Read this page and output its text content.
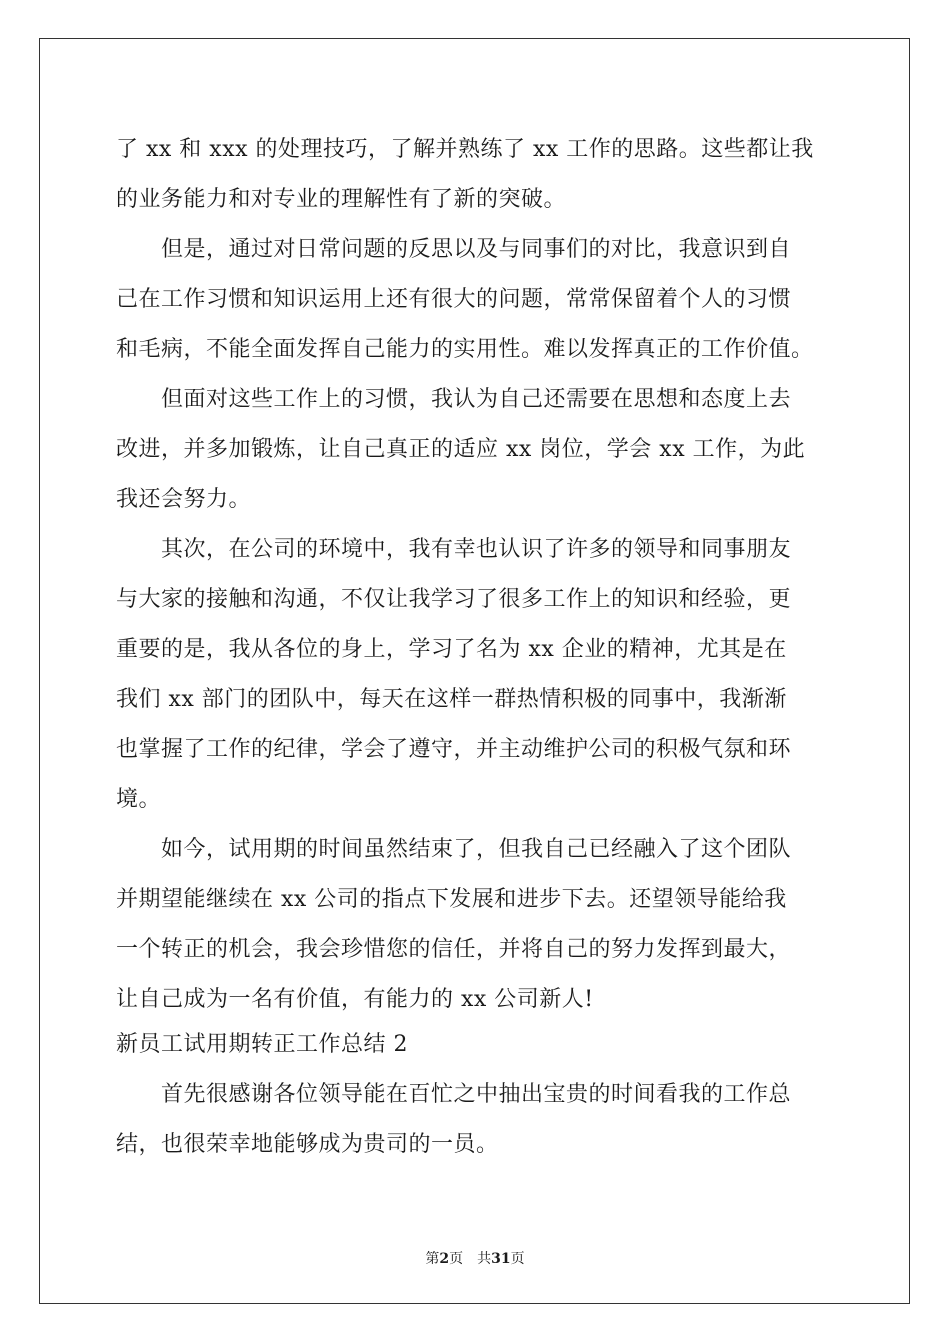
了 xx 和 xxx 的处理技巧，了解并熟练了 xx 工作的思路。这些都让我
的业务能力和对专业的理解性有了新的突破。
　　但是，通过对日常问题的反思以及与同事们的对比，我意识到自
己在工作习惯和知识运用上还有很大的问题，常常保留着个人的习惯
和毛病，不能全面发挥自己能力的实用性。难以发挥真正的工作价值。
　　但面对这些工作上的习惯，我认为自己还需要在思想和态度上去
改进，并多加锻炼，让自己真正的适应 xx 岗位，学会 xx 工作，为此
我还会努力。
　　其次，在公司的环境中，我有幸也认识了许多的领导和同事朋友
与大家的接触和沟通，不仅让我学习了很多工作上的知识和经验，更
重要的是，我从各位的身上，学习了名为 xx 企业的精神，尤其是在
我们 xx 部门的团队中，每天在这样一群热情积极的同事中，我渐渐
也掌握了工作的纪律，学会了遵守，并主动维护公司的积极气氛和环
境。
　　如今，试用期的时间虽然结束了，但我自己已经融入了这个团队
并期望能继续在 xx 公司的指点下发展和进步下去。还望领导能给我
一个转正的机会，我会珍惜您的信任，并将自己的努力发挥到最大，
让自己成为一名有价值，有能力的 xx 公司新人!
新员工试用期转正工作总结 2
　　首先很感谢各位领导能在百忙之中抽出宝贵的时间看我的工作总
结，也很荣幸地能够成为贵司的一员。
第2页　共31页
